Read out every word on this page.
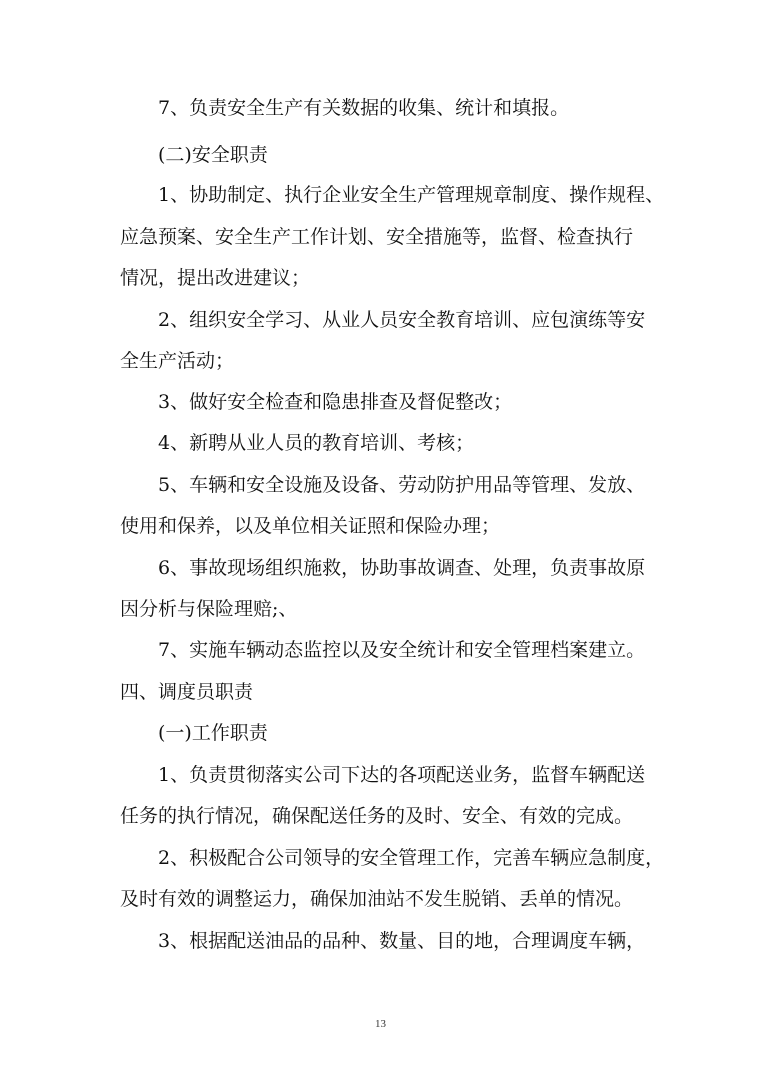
7、负责安全生产有关数据的收集、统计和填报。

(二)安全职责

1、协助制定、执行企业安全生产管理规章制度、操作规程、

应急预案、安全生产工作计划、安全措施等，监督、检查执行

情况，提出改进建议；

2、组织安全学习、从业人员安全教育培训、应包演练等安

全生产活动；

3、做好安全检查和隐患排查及督促整改；

4、新聘从业人员的教育培训、考核；

5、车辆和安全设施及设备、劳动防护用品等管理、发放、

使用和保养，以及单位相关证照和保险办理；

6、事故现场组织施救，协助事故调查、处理，负责事故原

因分析与保险理赔;、

7、实施车辆动态监控以及安全统计和安全管理档案建立。

四、调度员职责

(一)工作职责

1、负责贯彻落实公司下达的各项配送业务，监督车辆配送

任务的执行情况，确保配送任务的及时、安全、有效的完成。

2、积极配合公司领导的安全管理工作，完善车辆应急制度，

及时有效的调整运力，确保加油站不发生脱销、丢单的情况。

3、根据配送油品的品种、数量、目的地，合理调度车辆，

13
